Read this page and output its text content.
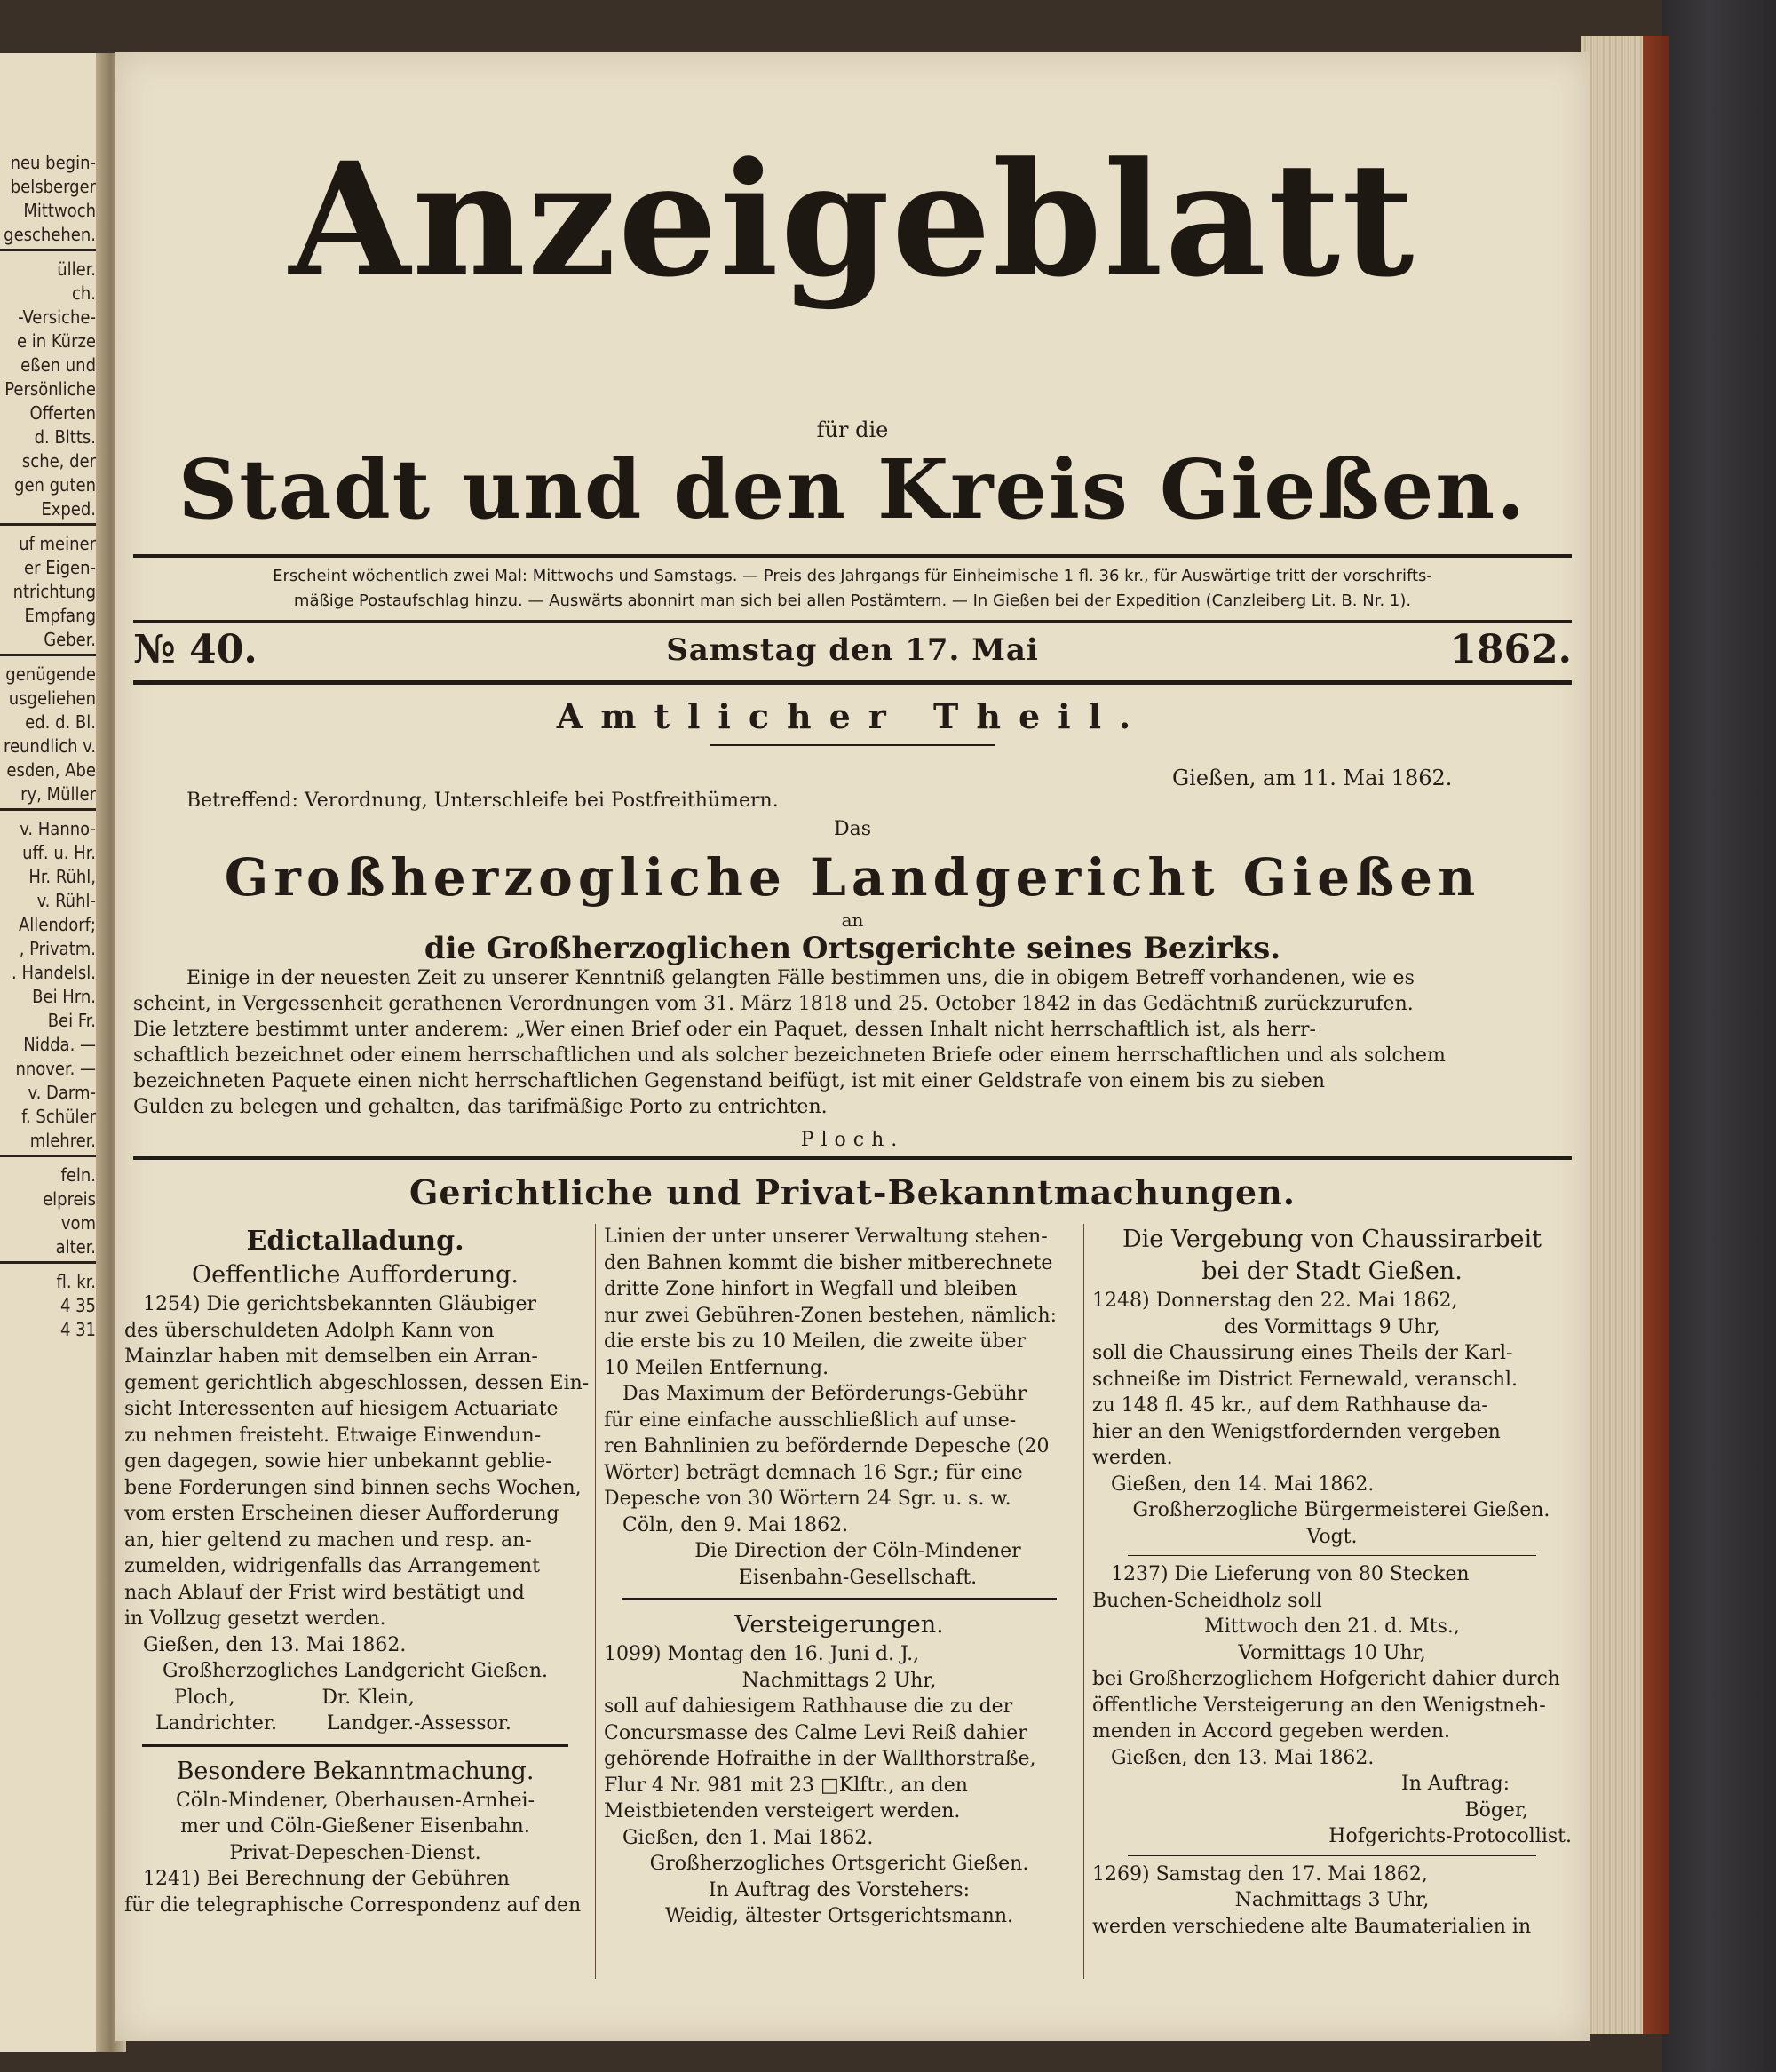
neu begin-
belsberger
Mittwoch
geschehen.
üller.
ch.
-Versiche-
e in Kürze
eßen und
Persönliche
Offerten
d. Bltts.
sche, der
gen guten
Exped.
uf meiner
er Eigen-
ntrichtung
Empfang
Geber.
genügende
usgeliehen
ed. d. Bl.
reundlich v.
esden, Abe
ry, Müller
v. Hanno-
uff. u. Hr.
Hr. Rühl,
v. Rühl-
Allendorf;
, Privatm.
. Handelsl.
Bei Hrn.
Bei Fr.
Nidda. —
nnover. —
v. Darm-
f. Schüler
mlehrer.
feln.
elpreis
vom
alter.
fl. kr.
4 35
4 31
Anzeigeblatt
für die
Stadt und den Kreis Gießen.
Erscheint wöchentlich zwei Mal: Mittwochs und Samstags. — Preis des Jahrgangs für Einheimische 1 fl. 36 kr., für Auswärtige tritt der vorschrifts-
mäßige Postaufschlag hinzu. — Auswärts abonnirt man sich bei allen Postämtern. — In Gießen bei der Expedition (Canzleiberg Lit. B. Nr. 1).
№ 40.	Samstag den 17. Mai	1862.
Amtlicher Theil.
Gießen, am 11. Mai 1862.
Betreffend: Verordnung, Unterschleife bei Postfreithümern.
Das
Großherzogliche Landgericht Gießen
an
die Großherzoglichen Ortsgerichte seines Bezirks.
Einige in der neuesten Zeit zu unserer Kenntniß gelangten Fälle bestimmen uns, die in obigem Betreff vorhandenen, wie es
scheint, in Vergessenheit gerathenen Verordnungen vom 31. März 1818 und 25. October 1842 in das Gedächtniß zurückzurufen.
Die letztere bestimmt unter anderem: „Wer einen Brief oder ein Paquet, dessen Inhalt nicht herrschaftlich ist, als herr-
schaftlich bezeichnet oder einem herrschaftlichen und als solcher bezeichneten Briefe oder einem herrschaftlichen und als solchem
bezeichneten Paquete einen nicht herrschaftlichen Gegenstand beifügt, ist mit einer Geldstrafe von einem bis zu sieben
Gulden zu belegen und gehalten, das tarifmäßige Porto zu entrichten.
Ploch.
Gerichtliche und Privat-Bekanntmachungen.
Edictalladung.
Oeffentliche Aufforderung.
1254) Die gerichtsbekannten Gläubiger
des überschuldeten Adolph Kann von
Mainzlar haben mit demselben ein Arran-
gement gerichtlich abgeschlossen, dessen Ein-
sicht Interessenten auf hiesigem Actuariate
zu nehmen freisteht. Etwaige Einwendun-
gen dagegen, sowie hier unbekannt geblie-
bene Forderungen sind binnen sechs Wochen,
vom ersten Erscheinen dieser Aufforderung
an, hier geltend zu machen und resp. an-
zumelden, widrigenfalls das Arrangement
nach Ablauf der Frist wird bestätigt und
in Vollzug gesetzt werden.
Gießen, den 13. Mai 1862.
Großherzogliches Landgericht Gießen.
Ploch,              Dr. Klein,
Landrichter.        Landger.-Assessor.
Besondere Bekanntmachung.
Cöln-Mindener, Oberhausen-Arnhei-
mer und Cöln-Gießener Eisenbahn.
Privat-Depeschen-Dienst.
1241) Bei Berechnung der Gebühren
für die telegraphische Correspondenz auf den
Linien der unter unserer Verwaltung stehen-
den Bahnen kommt die bisher mitberechnete
dritte Zone hinfort in Wegfall und bleiben
nur zwei Gebühren-Zonen bestehen, nämlich:
die erste bis zu 10 Meilen, die zweite über
10 Meilen Entfernung.
Das Maximum der Beförderungs-Gebühr
für eine einfache ausschließlich auf unse-
ren Bahnlinien zu befördernde Depesche (20
Wörter) beträgt demnach 16 Sgr.; für eine
Depesche von 30 Wörtern 24 Sgr. u. s. w.
Cöln, den 9. Mai 1862.
Die Direction der Cöln-Mindener
Eisenbahn-Gesellschaft.
Versteigerungen.
1099) Montag den 16. Juni d. J.,
Nachmittags 2 Uhr,
soll auf dahiesigem Rathhause die zu der
Concursmasse des Calme Levi Reiß dahier
gehörende Hofraithe in der Wallthorstraße,
Flur 4 Nr. 981 mit 23 □Klftr., an den
Meistbietenden versteigert werden.
Gießen, den 1. Mai 1862.
Großherzogliches Ortsgericht Gießen.
In Auftrag des Vorstehers:
Weidig, ältester Ortsgerichtsmann.
Die Vergebung von Chaussirarbeit
bei der Stadt Gießen.
1248) Donnerstag den 22. Mai 1862,
des Vormittags 9 Uhr,
soll die Chaussirung eines Theils der Karl-
schneiße im District Fernewald, veranschl.
zu 148 fl. 45 kr., auf dem Rathhause da-
hier an den Wenigstfordernden vergeben
werden.
Gießen, den 14. Mai 1862.
Großherzogliche Bürgermeisterei Gießen.
Vogt.
1237) Die Lieferung von 80 Stecken
Buchen-Scheidholz soll
Mittwoch den 21. d. Mts.,
Vormittags 10 Uhr,
bei Großherzoglichem Hofgericht dahier durch
öffentliche Versteigerung an den Wenigstneh-
menden in Accord gegeben werden.
Gießen, den 13. Mai 1862.
In Auftrag:
Böger,
Hofgerichts-Protocollist.
1269) Samstag den 17. Mai 1862,
Nachmittags 3 Uhr,
werden verschiedene alte Baumaterialien in
